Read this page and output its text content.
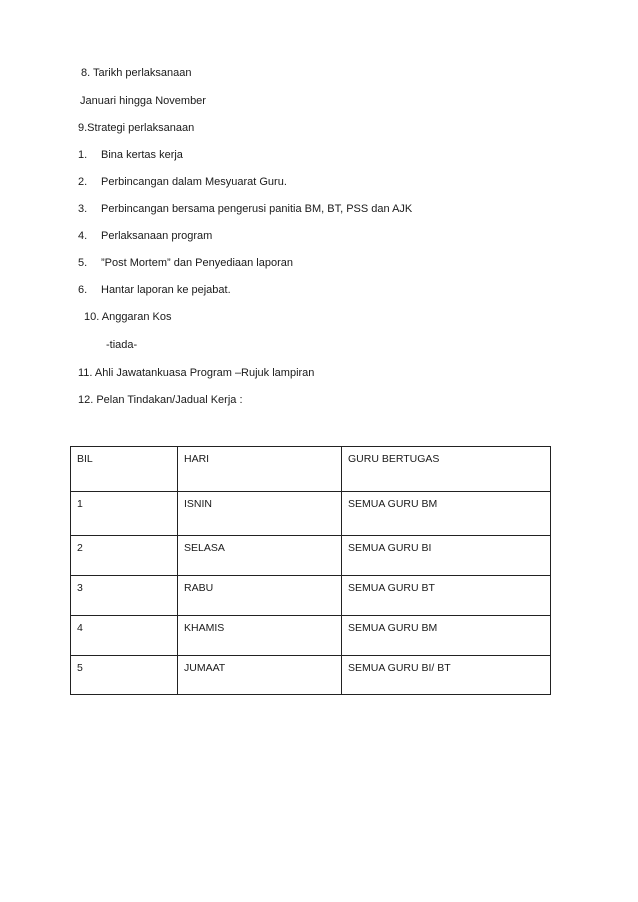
8. Tarikh perlaksanaan
Januari hingga November
9.Strategi perlaksanaan
1. Bina kertas kerja
2. Perbincangan dalam Mesyuarat Guru.
3. Perbincangan bersama pengerusi panitia BM, BT, PSS dan AJK
4. Perlaksanaan program
5. ”Post Mortem” dan Penyediaan laporan
6. Hantar laporan ke pejabat.
10. Anggaran Kos
-tiada-
11. Ahli Jawatankuasa Program –Rujuk lampiran
12. Pelan Tindakan/Jadual Kerja :
BIL	HARI	GURU BERTUGAS
1	ISNIN	SEMUA GURU BM
2	SELASA	SEMUA GURU BI
3	RABU	SEMUA GURU BT
4	KHAMIS	SEMUA GURU BM
5	JUMAAT	SEMUA GURU BI/ BT
